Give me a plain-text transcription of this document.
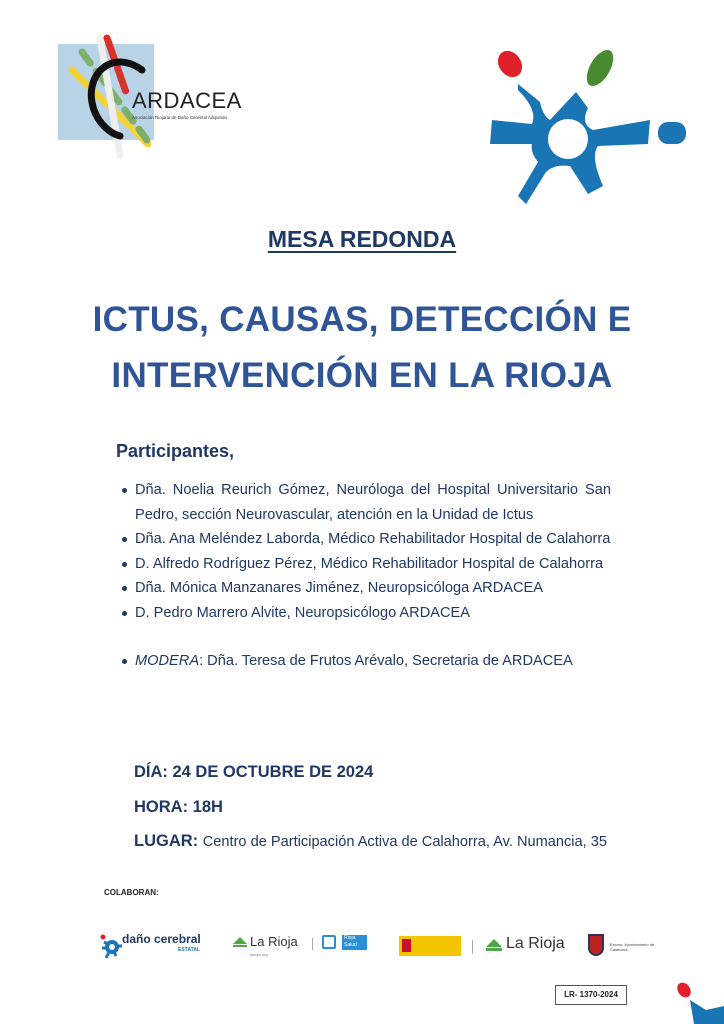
ARDACEA
Asociación Riojana de Daño Cerebral Adquirido
MESA REDONDA
ICTUS, CAUSAS, DETECCIÓN E
INTERVENCIÓN EN LA RIOJA
Participantes,
Dña. Noelia Reurich Gómez, Neuróloga del Hospital Universitario San Pedro, sección Neurovascular, atención en la Unidad de Ictus
Dña. Ana Meléndez Laborda, Médico Rehabilitador Hospital de Calahorra
D. Alfredo Rodríguez Pérez, Médico Rehabilitador Hospital de Calahorra
Dña. Mónica Manzanares Jiménez, Neuropsicóloga ARDACEA
D. Pedro Marrero Alvite, Neuropsicólogo ARDACEA
MODERA: Dña. Teresa de Frutos Arévalo, Secretaria de ARDACEA
DÍA: 24 DE OCTUBRE DE 2024
HORA: 18H
LUGAR: Centro de Participación Activa de Calahorra, Av. Numancia, 35
COLABORAN:
daño cerebral
ESTATAL
La Rioja
larioja.org
Rioja Salud	La Rioja	Excmo. Ayuntamiento de Calahorra
LR- 1370-2024
